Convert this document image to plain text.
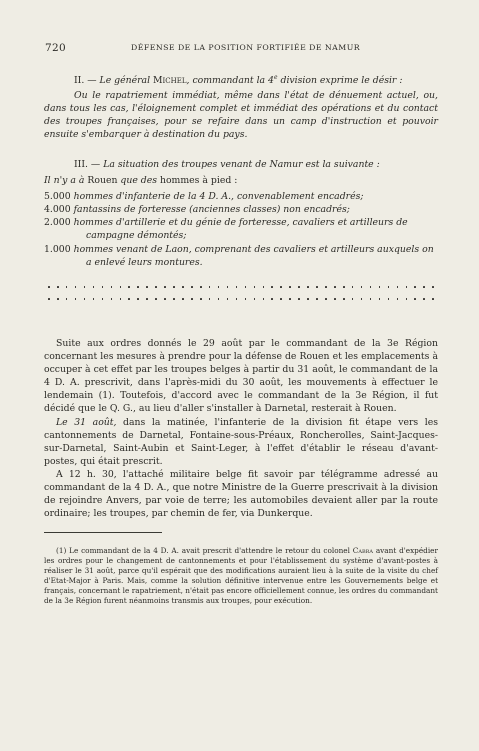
720	DÉFENSE DE LA POSITION FORTIFIÉE DE NAMUR

II. — Le général Michel, commandant la 4e division exprime le désir :

Ou le rapatriement immédiat, même dans l'état de dénuement actuel, ou, dans tous les cas, l'éloignement complet et immédiat des opérations et du contact des troupes françaises, pour se refaire dans un camp d'instruction et pouvoir ensuite s'embarquer à destination du pays.

III. — La situation des troupes venant de Namur est la suivante :

Il n'y a à Rouen que des hommes à pied :

5.000 hommes d'infanterie de la 4 D. A., convenablement encadrés;
4.000 fantassins de forteresse (anciennes classes) non encadrés;
2.000 hommes d'artillerie et du génie de forteresse, cavaliers et artilleurs de campagne démontés;
1.000 hommes venant de Laon, comprenant des cavaliers et artilleurs auxquels on a enlevé leurs montures.

Suite aux ordres donnés le 29 août par le commandant de la 3e Région concernant les mesures à prendre pour la défense de Rouen et les emplacements à occuper à cet effet par les troupes belges à partir du 31 août, le commandant de la 4 D. A. prescrivit, dans l'après-midi du 30 août, les mouvements à effectuer le lendemain (1). Toutefois, d'accord avec le commandant de la 3e Région, il fut décidé que le Q. G., au lieu d'aller s'installer à Darnetal, resterait à Rouen.

Le 31 août, dans la matinée, l'infanterie de la division fit étape vers les cantonnements de Darnetal, Fontaine-sous-Préaux, Roncherolles, Saint-Jacques-sur-Darnetal, Saint-Aubin et Saint-Leger, à l'effet d'établir le réseau d'avant-postes, qui était prescrit.

A 12 h. 30, l'attaché militaire belge fit savoir par télégramme adressé au commandant de la 4 D. A., que notre Ministre de la Guerre prescrivait à la division de rejoindre Anvers, par voie de terre; les automobiles devaient aller par la route ordinaire; les troupes, par chemin de fer, via Dunkerque.

(1) Le commandant de la 4 D. A. avait prescrit d'attendre le retour du colonel Cabra avant d'expédier les ordres pour le changement de cantonnements et pour l'établissement du système d'avant-postes à réaliser le 31 août, parce qu'il espérait que des modifications auraient lieu à la suite de la visite du chef d'Etat-Major à Paris. Mais, comme la solution définitive intervenue entre les Gouvernements belge et français, concernant le rapatriement, n'était pas encore officiellement connue, les ordres du commandant de la 3e Région furent néanmoins transmis aux troupes, pour exécution.
